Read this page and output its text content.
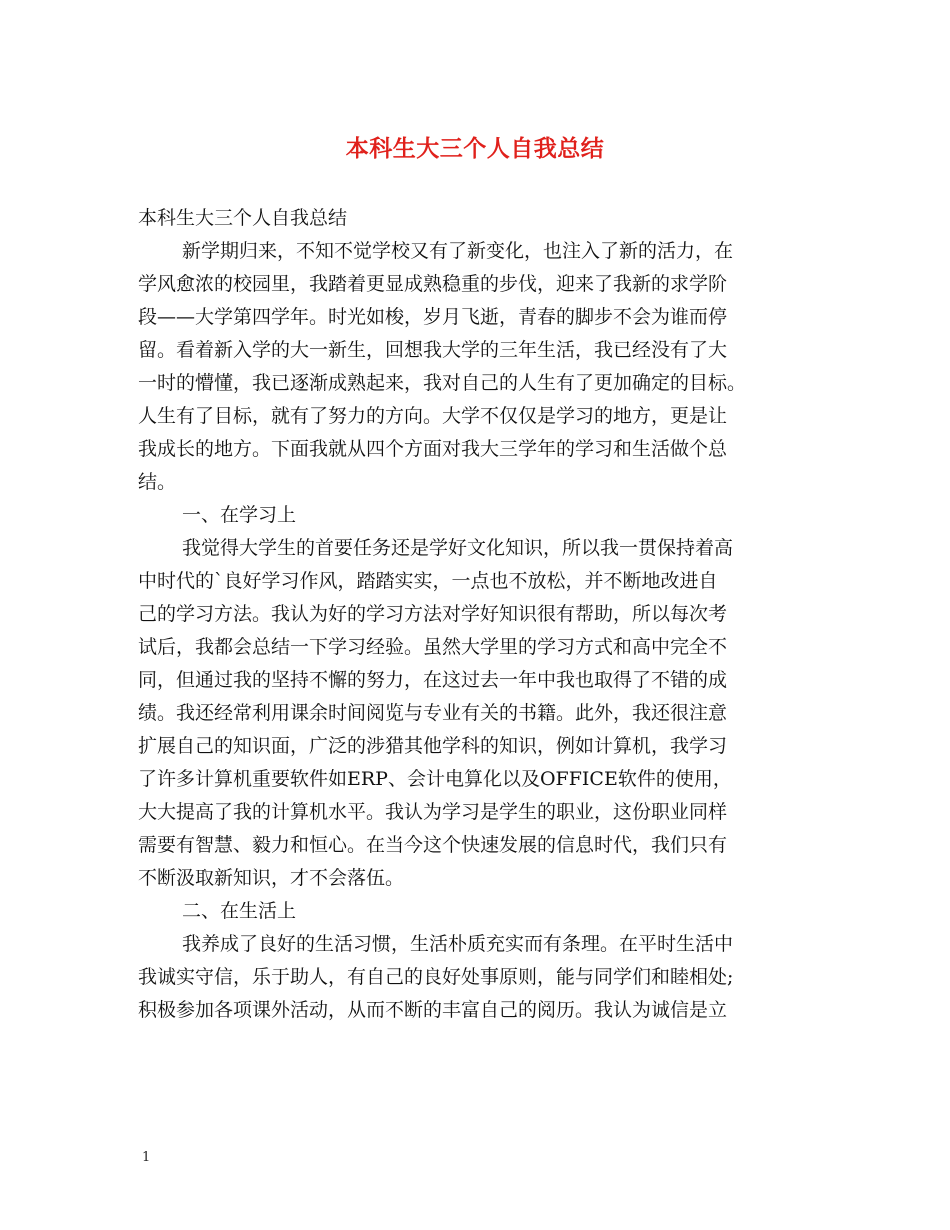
本科生大三个人自我总结
本科生大三个人自我总结
新学期归来，不知不觉学校又有了新变化，也注入了新的活力，在
学风愈浓的校园里，我踏着更显成熟稳重的步伐，迎来了我新的求学阶
段——大学第四学年。时光如梭，岁月飞逝，青春的脚步不会为谁而停
留。看着新入学的大一新生，回想我大学的三年生活，我已经没有了大
一时的懵懂，我已逐渐成熟起来，我对自己的人生有了更加确定的目标。
人生有了目标，就有了努力的方向。大学不仅仅是学习的地方，更是让
我成长的地方。下面我就从四个方面对我大三学年的学习和生活做个总
结。
一、在学习上
我觉得大学生的首要任务还是学好文化知识，所以我一贯保持着高
中时代的`良好学习作风，踏踏实实，一点也不放松，并不断地改进自
己的学习方法。我认为好的学习方法对学好知识很有帮助，所以每次考
试后，我都会总结一下学习经验。虽然大学里的学习方式和高中完全不
同，但通过我的坚持不懈的努力，在这过去一年中我也取得了不错的成
绩。我还经常利用课余时间阅览与专业有关的书籍。此外，我还很注意
扩展自己的知识面，广泛的涉猎其他学科的知识，例如计算机，我学习
了许多计算机重要软件如ERP、会计电算化以及OFFICE软件的使用，
大大提高了我的计算机水平。我认为学习是学生的职业，这份职业同样
需要有智慧、毅力和恒心。在当今这个快速发展的信息时代，我们只有
不断汲取新知识，才不会落伍。
二、在生活上
我养成了良好的生活习惯，生活朴质充实而有条理。在平时生活中
我诚实守信，乐于助人，有自己的良好处事原则，能与同学们和睦相处;
积极参加各项课外活动，从而不断的丰富自己的阅历。我认为诚信是立
1
